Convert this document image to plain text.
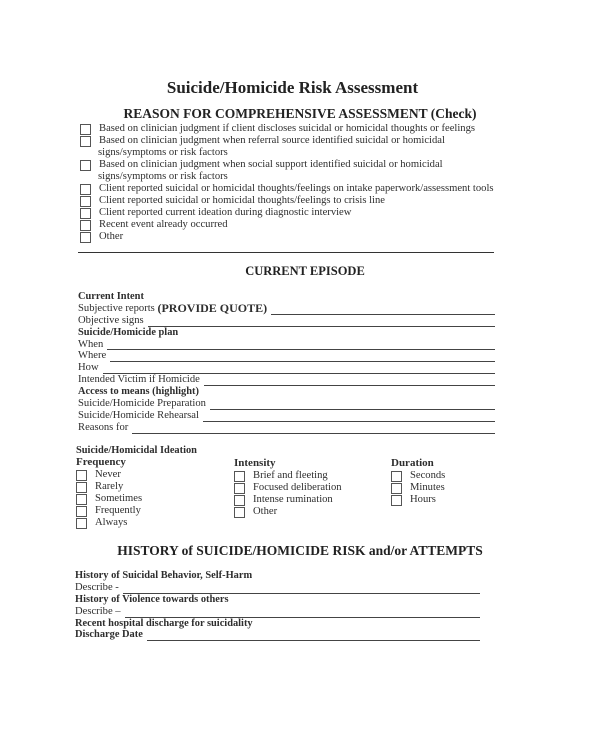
Suicide/Homicide Risk Assessment
REASON FOR COMPREHENSIVE ASSESSMENT (Check)
Based on clinician judgment if client discloses suicidal or homicidal thoughts or feelings
Based on clinician judgment when referral source identified suicidal or homicidal
signs/symptoms or risk factors
Based on clinician judgment when social support identified suicidal or homicidal
signs/symptoms or risk factors
Client reported suicidal or homicidal thoughts/feelings on intake paperwork/assessment tools
Client reported suicidal or homicidal thoughts/feelings to crisis line
Client reported current ideation during diagnostic interview
Recent event already occurred
Other
CURRENT EPISODE
Current Intent
Subjective reports
(PROVIDE QUOTE)
Objective signs
Suicide/Homicide plan
When
Where
How
Intended Victim if Homicide
Access to means (highlight)
Suicide/Homicide Preparation
Suicide/Homicide Rehearsal
Reasons for
Suicide/Homicidal Ideation
Frequency
Never
Rarely
Sometimes
Frequently
Always
Intensity
Brief and fleeting
Focused deliberation
Intense rumination
Other
Duration
Seconds
Minutes
Hours
HISTORY of SUICIDE/HOMICIDE RISK and/or ATTEMPTS
History of Suicidal Behavior, Self-Harm
Describe -
History of Violence towards others
Describe –
Recent hospital discharge for suicidality
Discharge Date
